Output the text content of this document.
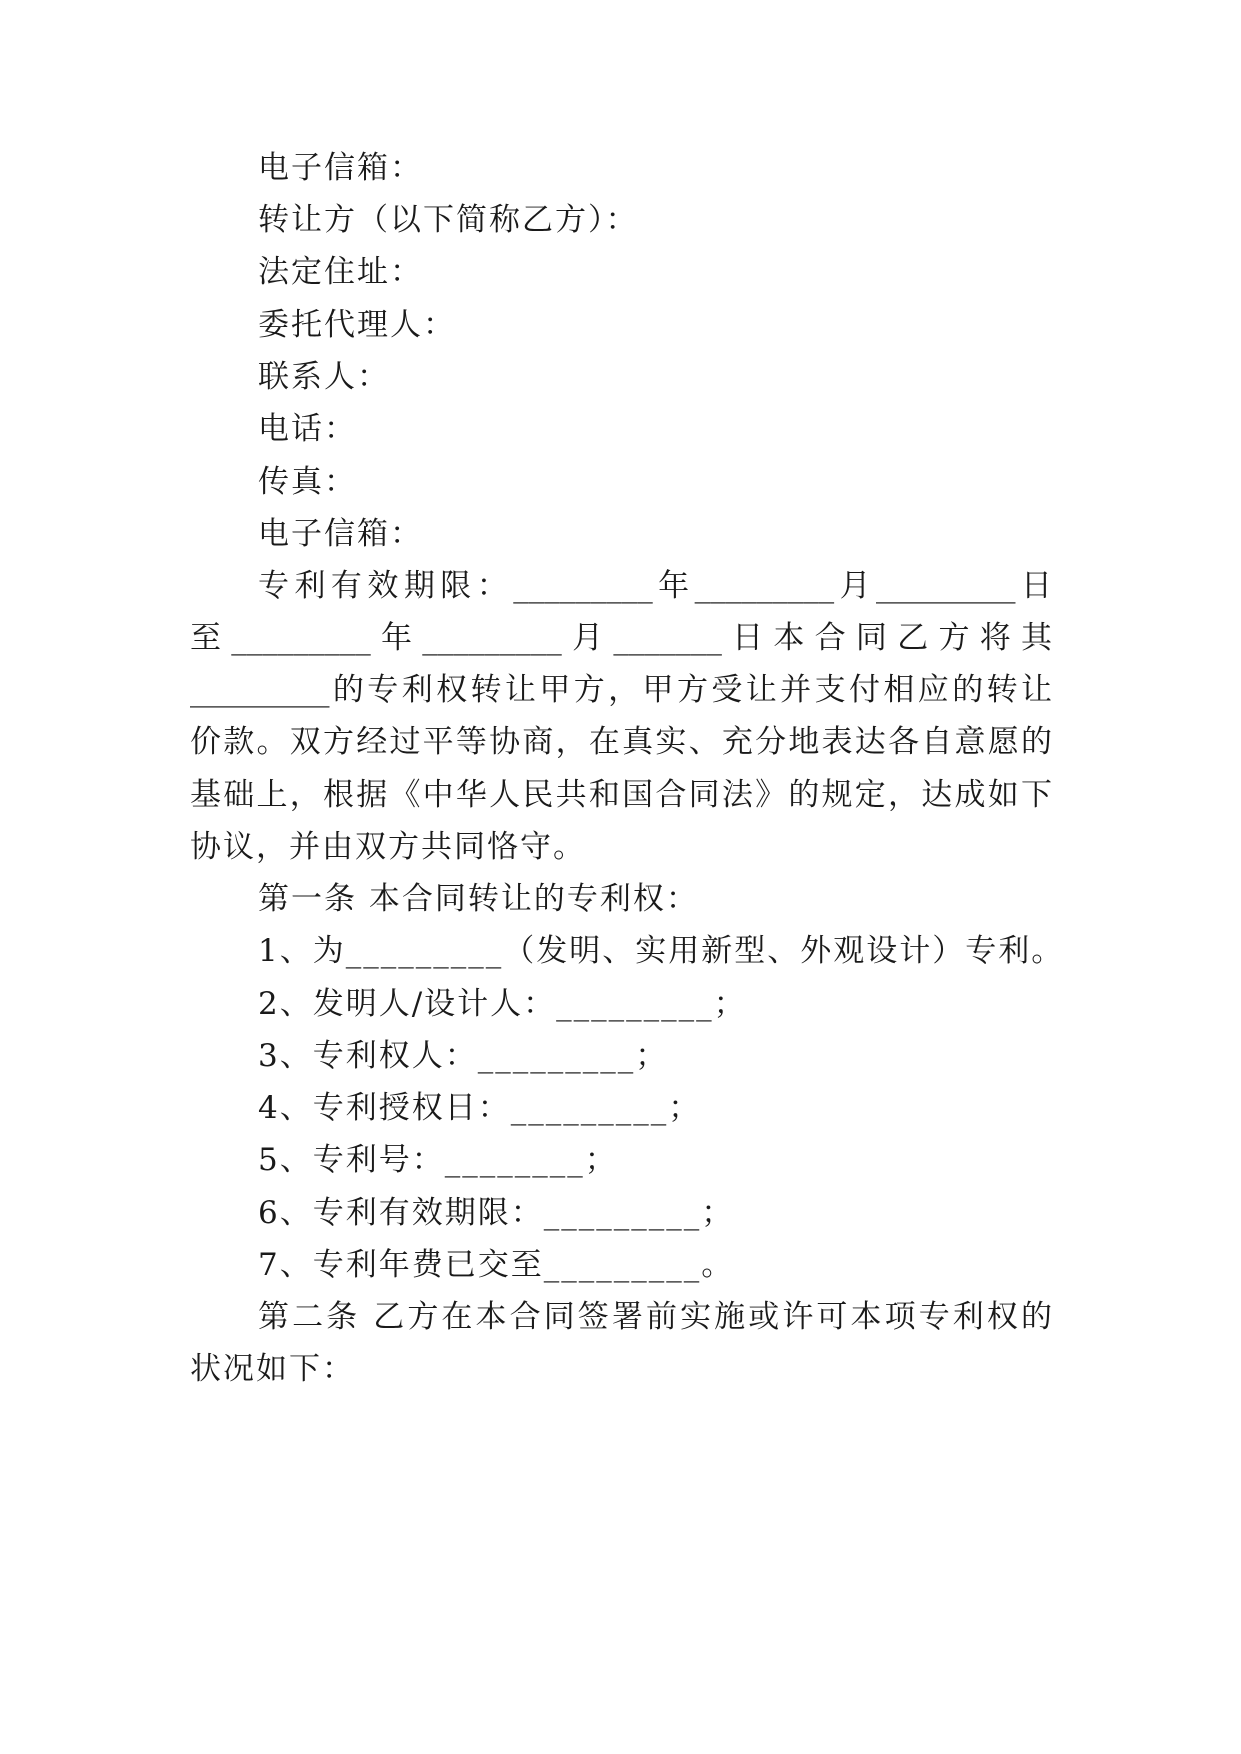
电子信箱：
转让方（以下简称乙方）：
法定住址：
委托代理人：
联系人：
电话：
传真：
电子信箱：
专利有效期限：_________年_________月_________日
至_________年_________月_______日本合同乙方将其
_________的专利权转让甲方，甲方受让并支付相应的转让
价款。双方经过平等协商，在真实、充分地表达各自意愿的
基础上，根据《中华人民共和国合同法》的规定，达成如下
协议，并由双方共同恪守。
第一条 本合同转让的专利权：
1、为_________（发明、实用新型、外观设计）专利。
2、发明人/设计人：_________；
3、专利权人：_________；
4、专利授权日：_________；
5、专利号：________；
6、专利有效期限：_________；
7、专利年费已交至_________。
第二条 乙方在本合同签署前实施或许可本项专利权的
状况如下：
